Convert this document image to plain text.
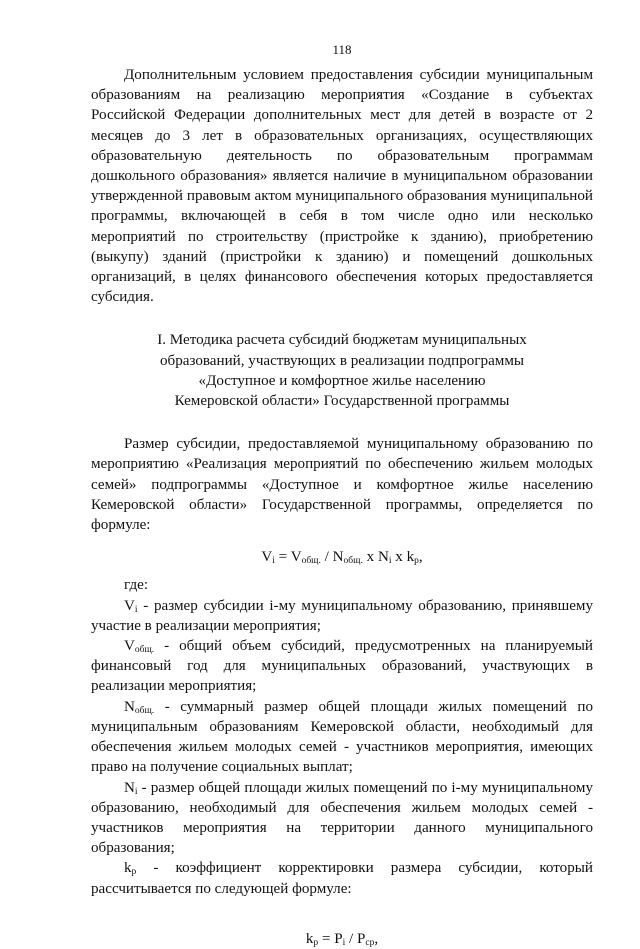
118

Дополнительным условием предоставления субсидии муниципальным образованиям на реализацию мероприятия «Создание в субъектах Российской Федерации дополнительных мест для детей в возрасте от 2 месяцев до 3 лет в образовательных организациях, осуществляющих образовательную деятельность по образовательным программам дошкольного образования» является наличие в муниципальном образовании утвержденной правовым актом муниципального образования муниципальной программы, включающей в себя в том числе одно или несколько мероприятий по строительству (пристройке к зданию), приобретению (выкупу) зданий (пристройки к зданию) и помещений дошкольных организаций, в целях финансового обеспечения которых предоставляется субсидия.

I. Методика расчета субсидий бюджетам муниципальных
образований, участвующих в реализации подпрограммы
«Доступное и комфортное жилье населению
Кемеровской области» Государственной программы

Размер субсидии, предоставляемой муниципальному образованию по мероприятию «Реализация мероприятий по обеспечению жильем молодых семей» подпрограммы «Доступное и комфортное жилье населению Кемеровской области» Государственной программы, определяется по формуле:

$V_i = V_{общ.} / N_{общ.}$ x $N_i$ x $k_p$,

где:

$V_i$ - размер субсидии i-му муниципальному образованию, принявшему участие в реализации мероприятия;

$V_{общ.}$ - общий объем субсидий, предусмотренных на планируемый финансовый год для муниципальных образований, участвующих в реализации мероприятия;

$N_{общ.}$ - суммарный размер общей площади жилых помещений по муниципальным образованиям Кемеровской области, необходимый для обеспечения жильем молодых семей - участников мероприятия, имеющих право на получение социальных выплат;

$N_i$ - размер общей площади жилых помещений по i-му муниципальному образованию, необходимый для обеспечения жильем молодых семей - участников мероприятия на территории данного муниципального образования;

$k_p$ - коэффициент корректировки размера субсидии, который рассчитывается по следующей формуле:

$k_p = P_i / P_{ср}$,
